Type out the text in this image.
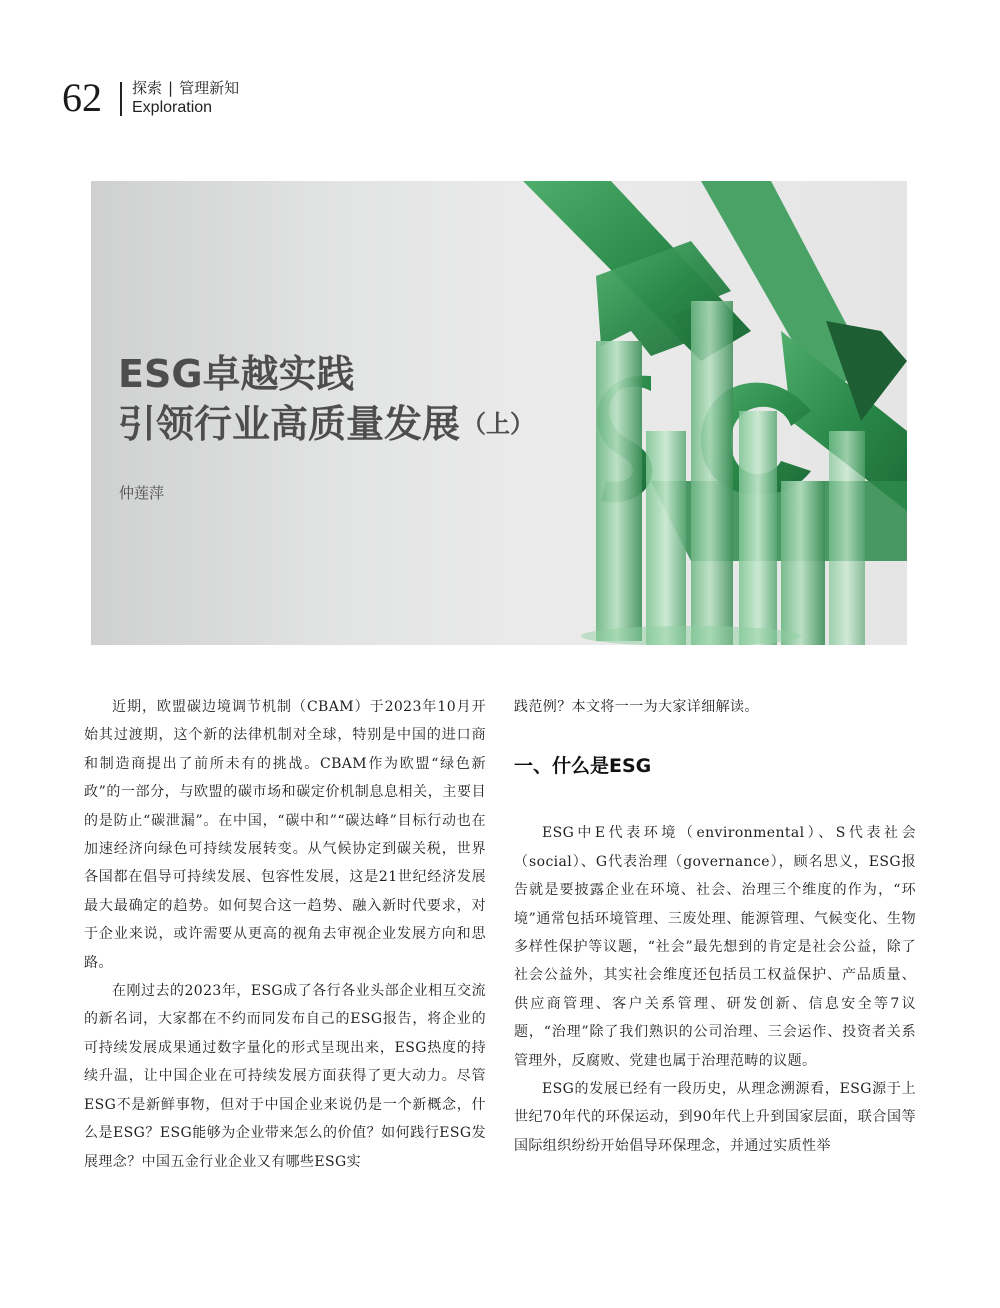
62 探索 | 管理新知
Exploration
ESG卓越实践
引领行业高质量发展（上）
仲莲萍

近期，欧盟碳边境调节机制（CBAM）于2023年10月开始其过渡期，这个新的法律机制对全球，特别是中国的进口商和制造商提出了前所未有的挑战。CBAM作为欧盟“绿色新政”的一部分，与欧盟的碳市场和碳定价机制息息相关，主要目的是防止“碳泄漏”。在中国，“碳中和”“碳达峰”目标行动也在加速经济向绿色可持续发展转变。从气候协定到碳关税，世界各国都在倡导可持续发展、包容性发展，这是21世纪经济发展最大最确定的趋势。如何契合这一趋势、融入新时代要求，对于企业来说，或许需要从更高的视角去审视企业发展方向和思路。

在刚过去的2023年，ESG成了各行各业头部企业相互交流的新名词，大家都在不约而同发布自己的ESG报告，将企业的可持续发展成果通过数字量化的形式呈现出来，ESG热度的持续升温，让中国企业在可持续发展方面获得了更大动力。尽管ESG不是新鲜事物，但对于中国企业来说仍是一个新概念，什么是ESG？ESG能够为企业带来怎么的价值？如何践行ESG发展理念？中国五金行业企业又有哪些ESG实

践范例？本文将一一为大家详细解读。

一、什么是ESG

ESG中E代表环境（environmental）、S代表社会（social）、G代表治理（governance），顾名思义，ESG报告就是要披露企业在环境、社会、治理三个维度的作为，“环境”通常包括环境管理、三废处理、能源管理、气候变化、生物多样性保护等议题，“社会”最先想到的肯定是社会公益，除了社会公益外，其实社会维度还包括员工权益保护、产品质量、供应商管理、客户关系管理、研发创新、信息安全等7议题，“治理”除了我们熟识的公司治理、三会运作、投资者关系管理外，反腐败、党建也属于治理范畴的议题。

ESG的发展已经有一段历史，从理念溯源看，ESG源于上世纪70年代的环保运动，到90年代上升到国家层面，联合国等国际组织纷纷开始倡导环保理念，并通过实质性举
